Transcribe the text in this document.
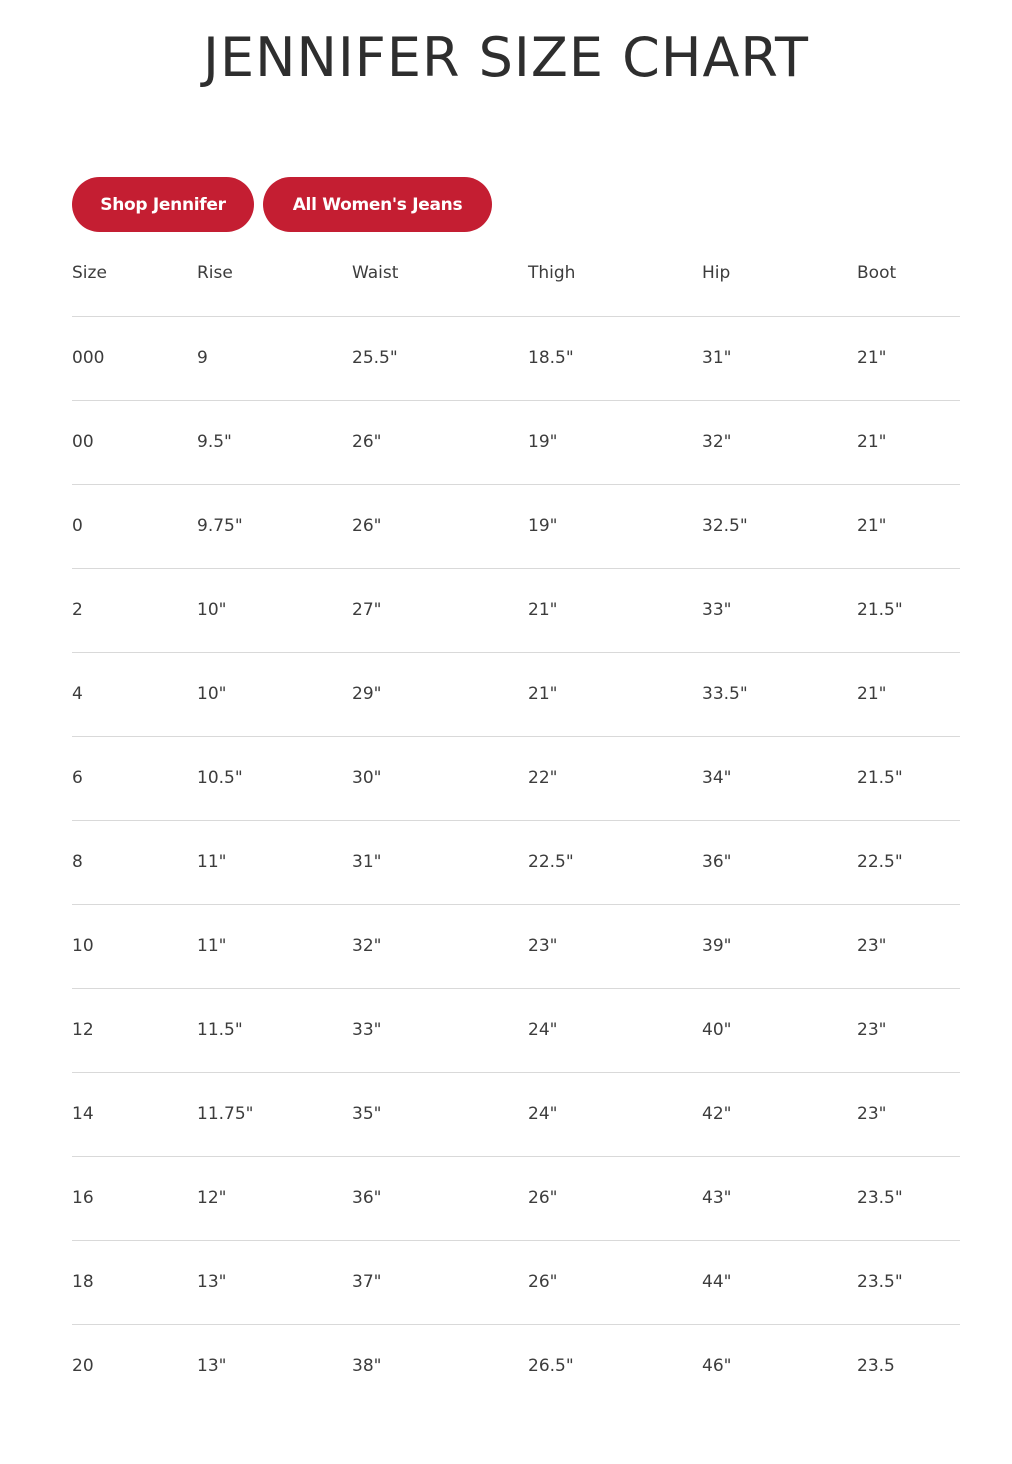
JENNIFER SIZE CHART
Shop Jennifer	All Women's Jeans
Size	Rise	Waist	Thigh	Hip	Boot
000	9	25.5"	18.5"	31"	21"
00	9.5"	26"	19"	32"	21"
0	9.75"	26"	19"	32.5"	21"
2	10"	27"	21"	33"	21.5"
4	10"	29"	21"	33.5"	21"
6	10.5"	30"	22"	34"	21.5"
8	11"	31"	22.5"	36"	22.5"
10	11"	32"	23"	39"	23"
12	11.5"	33"	24"	40"	23"
14	11.75"	35"	24"	42"	23"
16	12"	36"	26"	43"	23.5"
18	13"	37"	26"	44"	23.5"
20	13"	38"	26.5"	46"	23.5
